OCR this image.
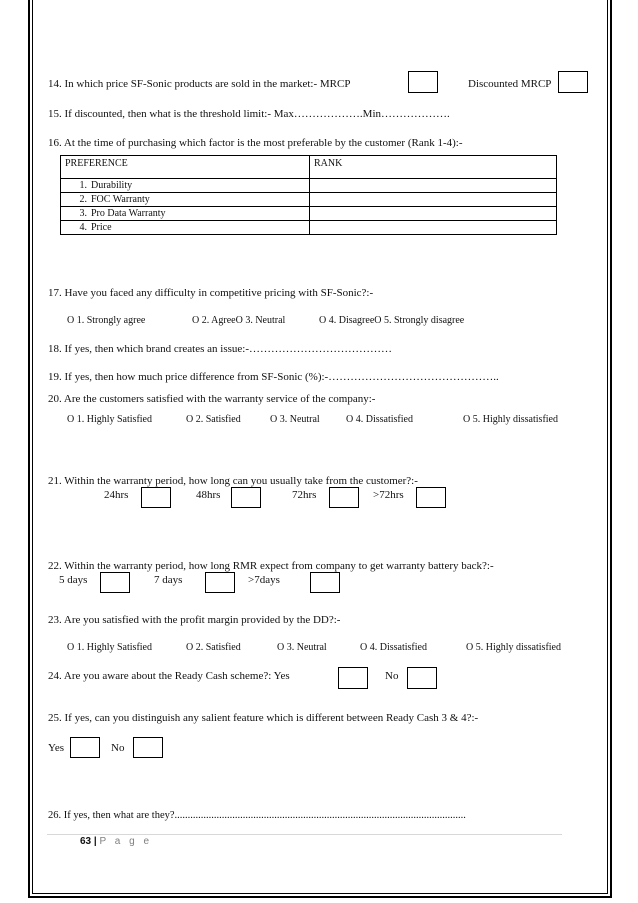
14. In which price SF-Sonic products are sold in the market:- MRCP	Discounted MRCP
15. If discounted, then what is the threshold limit:- Max……………….Min……………….
16. At the time of purchasing which factor is the most preferable by the customer (Rank 1-4):-
PREFERENCE	RANK
1. Durability	
2. FOC Warranty	
3. Pro Data Warranty	
4. Price	
17. Have you faced any difficulty in competitive pricing with SF-Sonic?:-
O 1. Strongly agree	O 2. AgreeO 3. Neutral	O 4. DisagreeO 5. Strongly disagree
18. If yes, then which brand creates an issue:-…………………………………
19. If yes, then how much price difference from SF-Sonic (%):-………………………………………..
20. Are the customers satisfied with the warranty service of the company:-
O 1. Highly Satisfied	O 2. Satisfied	O 3. Neutral	O 4. Dissatisfied	O 5. Highly dissatisfied
21. Within the warranty period, how long can you usually take from the customer?:-
24hrs	48hrs	72hrs	>72hrs
22. Within the warranty period, how long RMR expect from company to get warranty battery back?:-
5 days	7 days	>7days
23. Are you satisfied with the profit margin provided by the DD?:-
O 1. Highly Satisfied	O 2. Satisfied	O 3. Neutral	O 4. Dissatisfied	O 5. Highly dissatisfied
24. Are you aware about the Ready Cash scheme?: Yes	No
25. If yes, can you distinguish any salient feature which is different between Ready Cash 3 & 4?:-
Yes	No
26. If yes, then what are they?...............................................................................................................
63 | P a g e
